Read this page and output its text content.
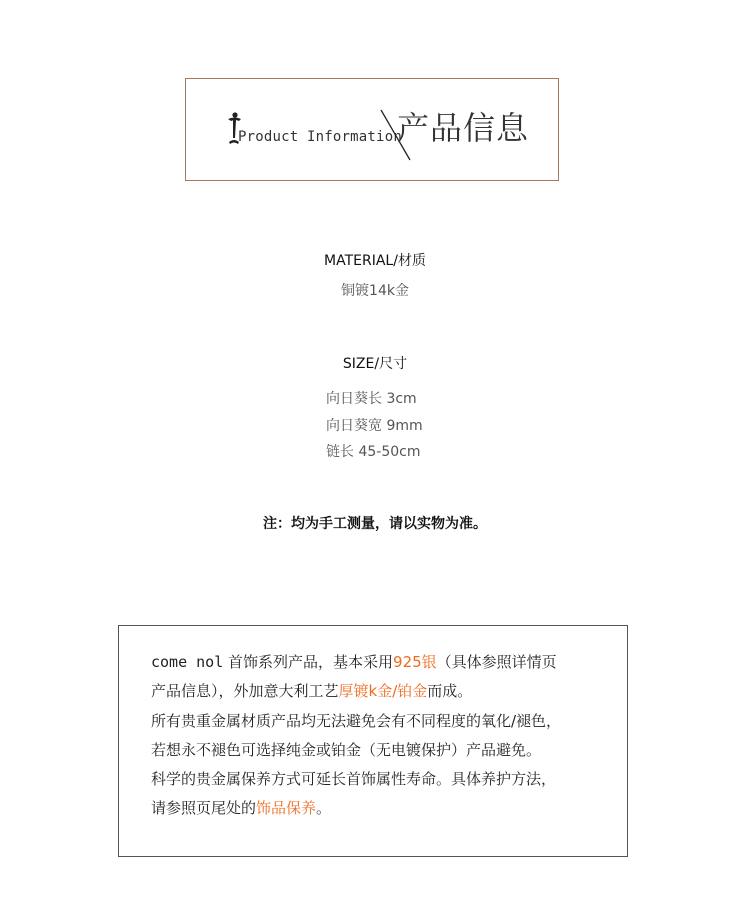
Product Information
产品信息
MATERIAL/材质
铜镀14k金
SIZE/尺寸
向日葵长 3cm
向日葵宽 9mm
链长 45-50cm
注：均为手工测量，请以实物为准。
come nol 首饰系列产品，基本采用925银（具体参照详情页
产品信息），外加意大利工艺厚镀k金/铂金而成。
所有贵重金属材质产品均无法避免会有不同程度的氧化/褪色，
若想永不褪色可选择纯金或铂金（无电镀保护）产品避免。
科学的贵金属保养方式可延长首饰属性寿命。具体养护方法，
请参照页尾处的饰品保养。
